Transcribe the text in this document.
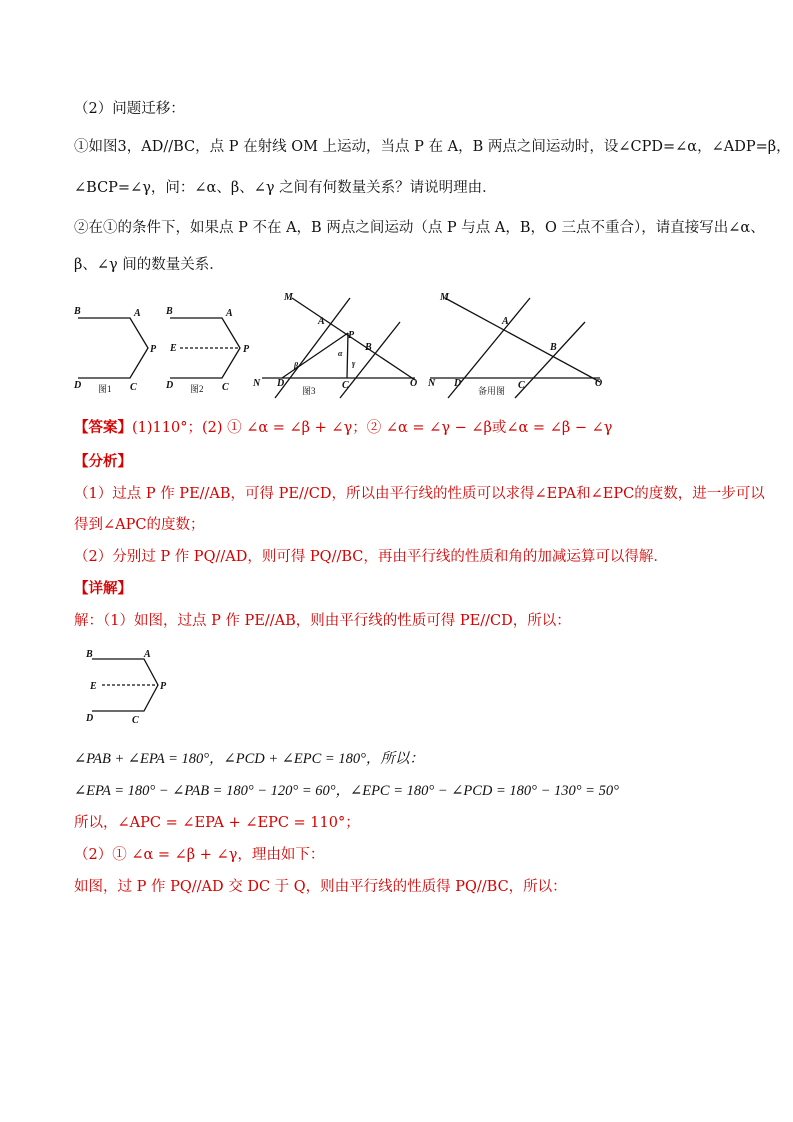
（2）问题迁移：
①如图3，AD//BC，点 P 在射线 OM 上运动，当点 P 在 A，B 两点之间运动时，设∠CPD=∠α，∠ADP=β，
∠BCP=∠γ，问：∠α、β、∠γ 之间有何数量关系？请说明理由．
②在①的条件下，如果点 P 不在 A，B 两点之间运动（点 P 与点 A，B，O 三点不重合），请直接写出∠α、
β、∠γ 间的数量关系．
B	A
P
D	C
图1
B	A
E	P
D	C
图2
M
A
P
B
N D	C	O
α
β	γ
图3
M
A
B
N D	C	O
备用图
【答案】(1)110°；(2) ① ∠α = ∠β + ∠γ；② ∠α = ∠γ − ∠β或∠α = ∠β − ∠γ
【分析】
（1）过点 P 作 PE//AB，可得 PE//CD，所以由平行线的性质可以求得∠EPA和∠EPC的度数，进一步可以
得到∠APC的度数；
（2）分别过 P 作 PQ//AD，则可得 PQ//BC，再由平行线的性质和角的加减运算可以得解．
【详解】
解：（1）如图，过点 P 作 PE//AB，则由平行线的性质可得 PE//CD，所以：
B	A
E	P
D	C
∠PAB + ∠EPA = 180°，∠PCD + ∠EPC = 180°，所以：
∠EPA = 180° − ∠PAB = 180° − 120° = 60°，∠EPC = 180° − ∠PCD = 180° − 130° = 50°
所以，∠APC = ∠EPA + ∠EPC = 110°；
（2）① ∠α = ∠β + ∠γ，理由如下：
如图，过 P 作 PQ//AD 交 DC 于 Q，则由平行线的性质得 PQ//BC，所以：
